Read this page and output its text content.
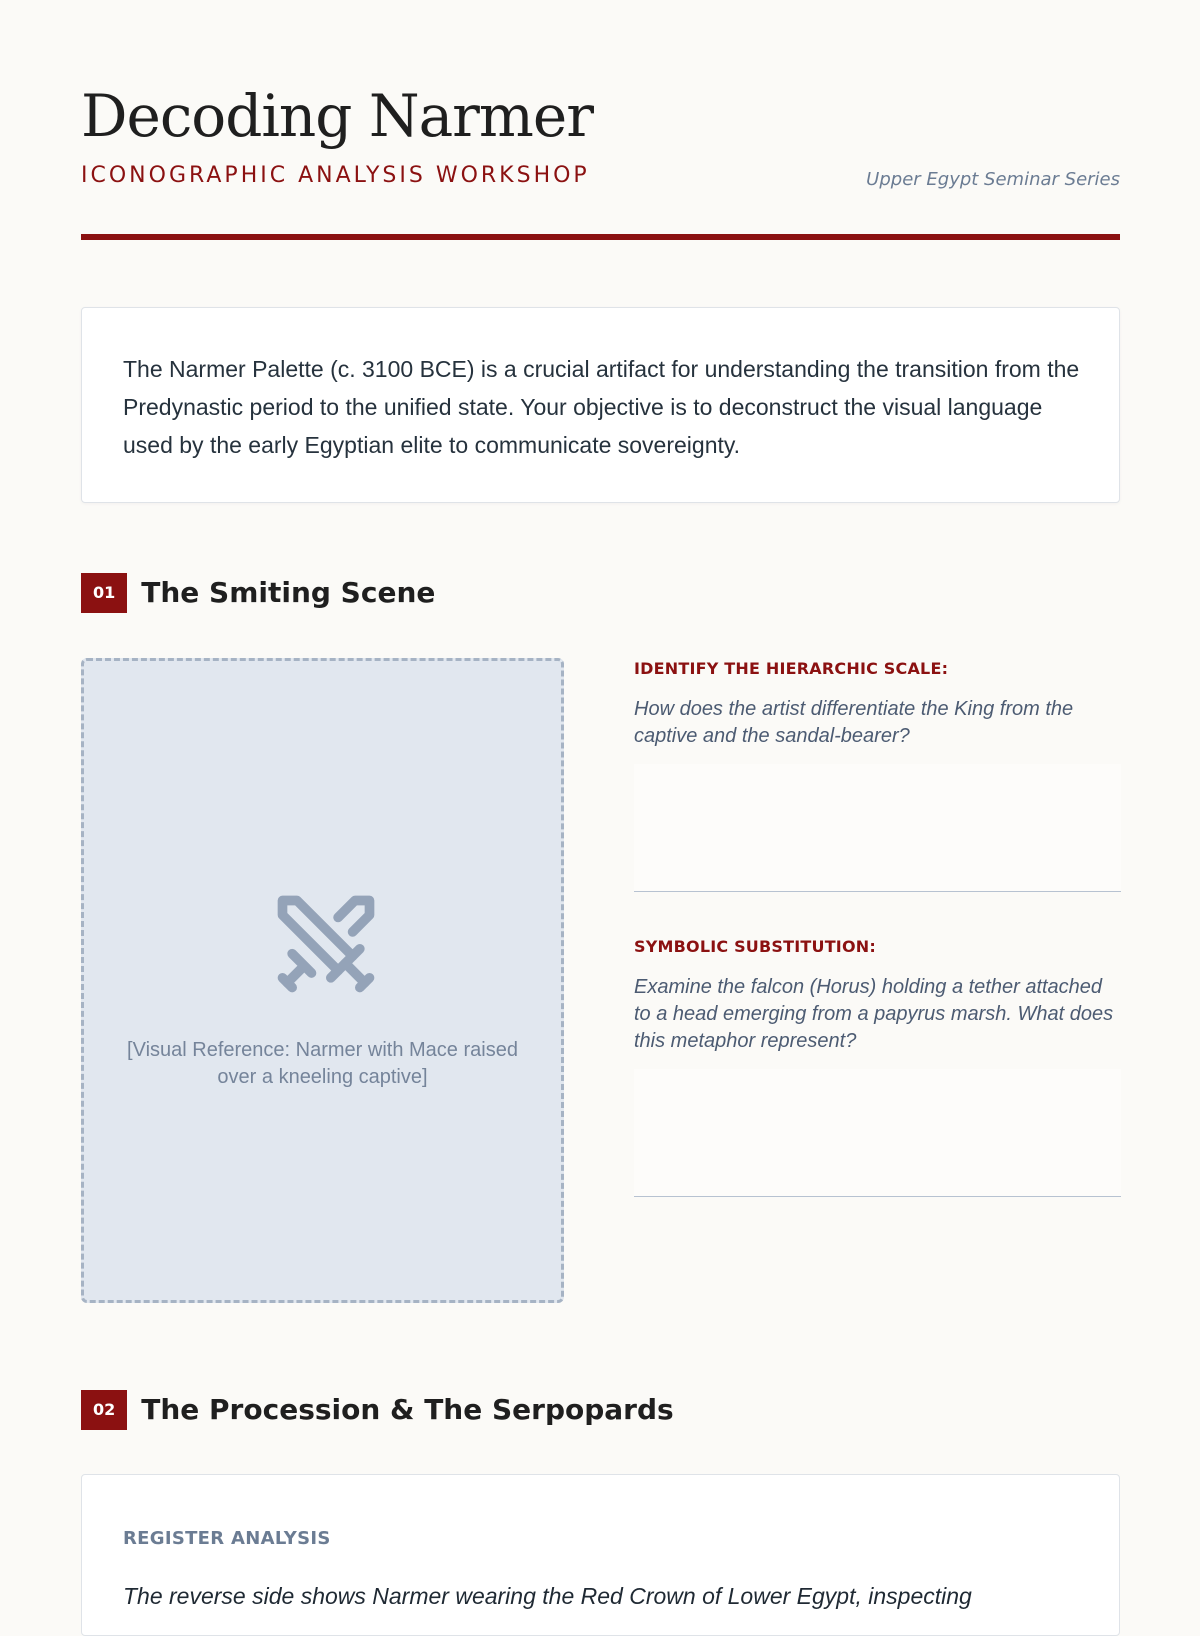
Decoding Narmer
ICONOGRAPHIC ANALYSIS WORKSHOP	Upper Egypt Seminar Series

The Narmer Palette (c. 3100 BCE) is a crucial artifact for understanding the transition from the Predynastic period to the unified state. Your objective is to deconstruct the visual language used by the early Egyptian elite to communicate sovereignty.

01 The Smiting Scene
[Visual Reference: Narmer with Mace raised over a kneeling captive]
IDENTIFY THE HIERARCHIC SCALE:
How does the artist differentiate the King from the captive and the sandal-bearer?
SYMBOLIC SUBSTITUTION:
Examine the falcon (Horus) holding a tether attached to a head emerging from a papyrus marsh. What does this metaphor represent?
02 The Procession & The Serpopards
REGISTER ANALYSIS
The reverse side shows Narmer wearing the Red Crown of Lower Egypt, inspecting
